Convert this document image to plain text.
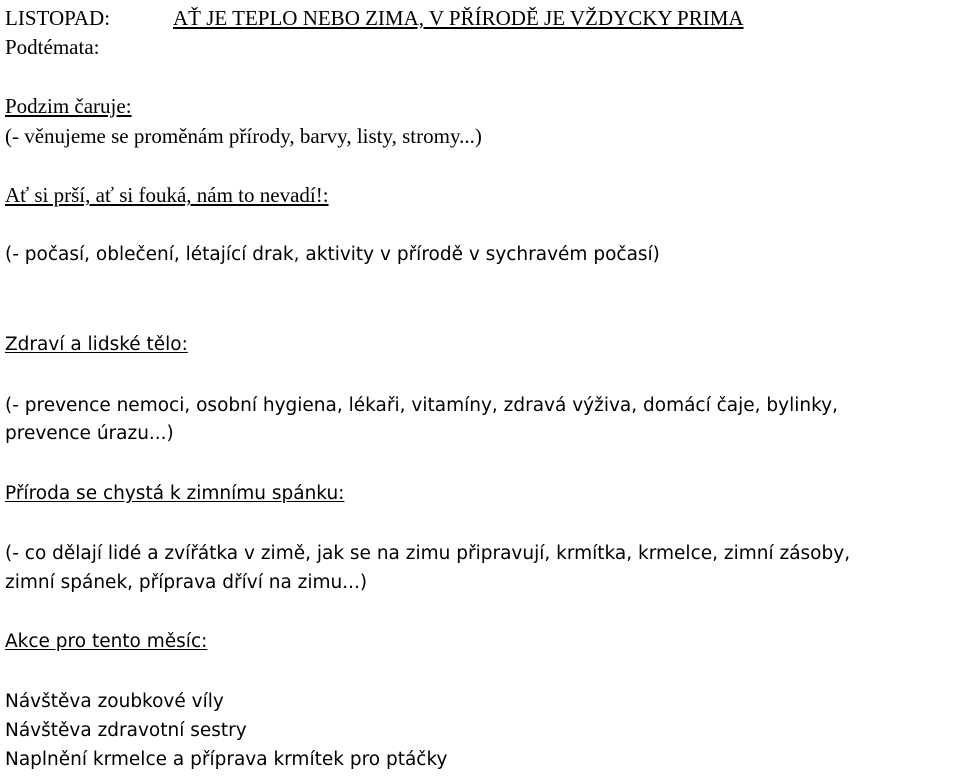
LISTOPAD:	AŤ JE TEPLO NEBO ZIMA, V PŘÍRODĚ JE VŽDYCKY PRIMA
Podtémata:
Podzim čaruje:
(- věnujeme se proměnám přírody, barvy, listy, stromy...)
Ať si prší, ať si fouká, nám to nevadí!:
(- počasí, oblečení, létající drak, aktivity v přírodě v sychravém počasí)
Zdraví a lidské tělo:
(- prevence nemoci, osobní hygiena, lékaři, vitamíny, zdravá výživa, domácí čaje, bylinky,
prevence úrazu...)
Příroda se chystá k zimnímu spánku:
(- co dělají lidé a zvířátka v zimě, jak se na zimu připravují, krmítka, krmelce, zimní zásoby,
zimní spánek, příprava dříví na zimu...)
Akce pro tento měsíc:
Návštěva zoubkové víly
Návštěva zdravotní sestry
Naplnění krmelce a příprava krmítek pro ptáčky
